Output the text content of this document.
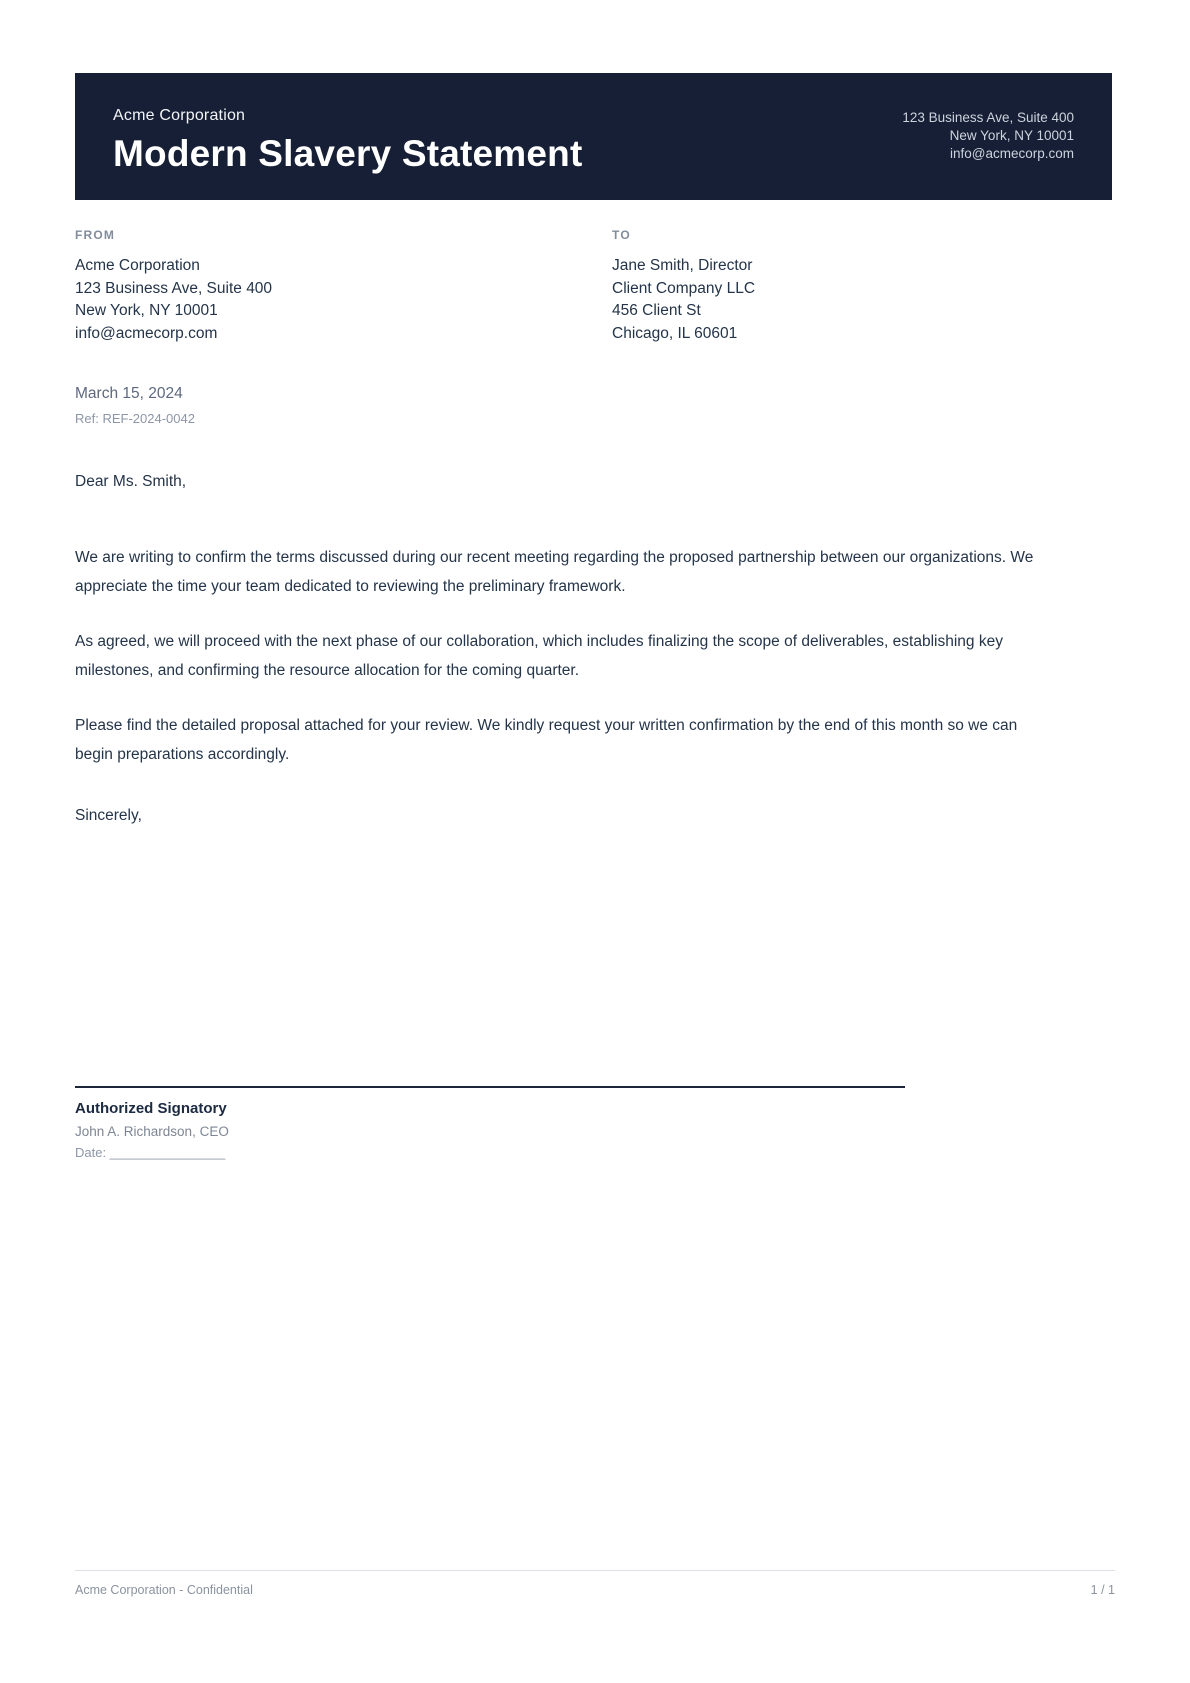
Acme Corporation
Modern Slavery Statement
123 Business Ave, Suite 400
New York, NY 10001
info@acmecorp.com
FROM
Acme Corporation
123 Business Ave, Suite 400
New York, NY 10001
info@acmecorp.com
TO
Jane Smith, Director
Client Company LLC
456 Client St
Chicago, IL 60601
March 15, 2024
Ref: REF-2024-0042
Dear Ms. Smith,

We are writing to confirm the terms discussed during our recent meeting regarding the proposed partnership between our organizations. We appreciate the time your team dedicated to reviewing the preliminary framework.

As agreed, we will proceed with the next phase of our collaboration, which includes finalizing the scope of deliverables, establishing key milestones, and confirming the resource allocation for the coming quarter.

Please find the detailed proposal attached for your review. We kindly request your written confirmation by the end of this month so we can begin preparations accordingly.

Sincerely,
Authorized Signatory
John A. Richardson, CEO
Date: ________________
Acme Corporation - Confidential	1 / 1
